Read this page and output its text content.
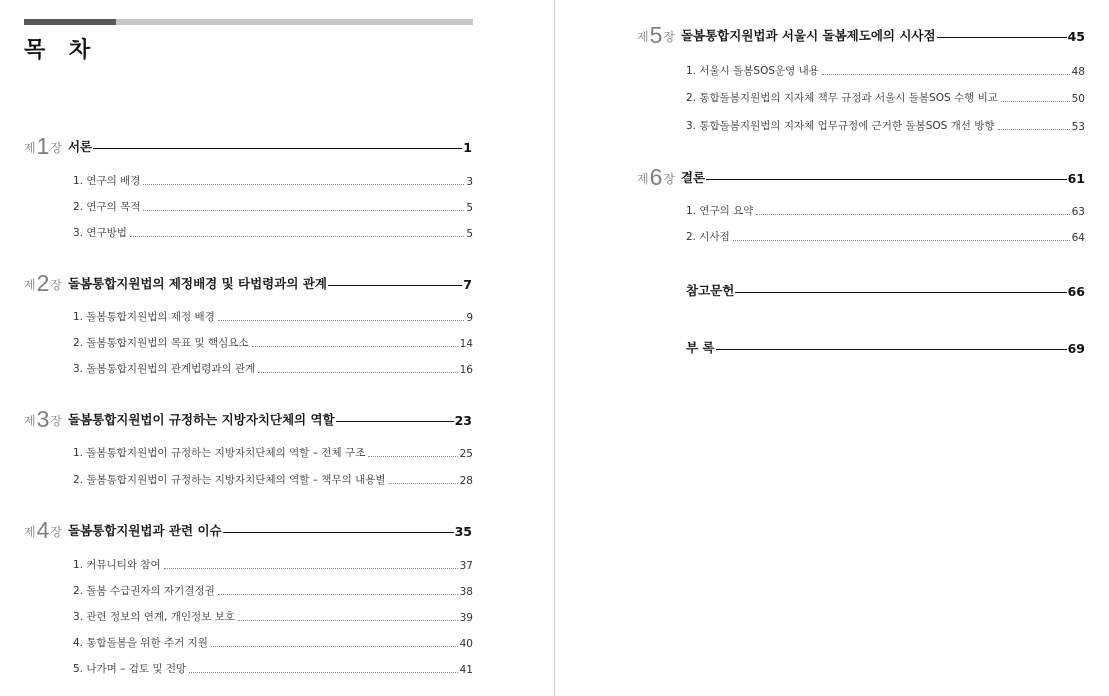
목 차
제 1 장 서론	1
1. 연구의 배경	3
2. 연구의 목적	5
3. 연구방법	5
제 2 장 돌봄통합지원법의 제정배경 및 타법령과의 관계	7
1. 돌봄통합지원법의 제정 배경	9
2. 돌봄통합지원법의 목표 및 핵심요소	14
3. 돌봄통합지원법의 관계법령과의 관계	16
제 3 장 돌봄통합지원법이 규정하는 지방자치단체의 역할	23
1. 돌봄통합지원법이 규정하는 지방자치단체의 역할 – 전체 구조	25
2. 돌봄통합지원법이 규정하는 지방자치단체의 역할 – 책무의 내용별	28
제 4 장 돌봄통합지원법과 관련 이슈	35
1. 커뮤니티와 참여	37
2. 돌봄 수급권자의 자기결정권	38
3. 관련 정보의 연계, 개인정보 보호	39
4. 통합돌봄을 위한 주거 지원	40
5. 나가며 – 검토 및 전망	41
제 5 장 돌봄통합지원법과 서울시 돌봄제도에의 시사점	45
1. 서울시 돌봄SOS운영 내용	48
2. 통합돌봄지원법의 지자체 책무 규정과 서울시 돌봄SOS 수행 비교	50
3. 통합돌봄지원법의 지자체 업무규정에 근거한 돌봄SOS 개선 방향	53
제 6 장 결론	61
1. 연구의 요약	63
2. 시사점	64
참고문헌	66
부 록	69
